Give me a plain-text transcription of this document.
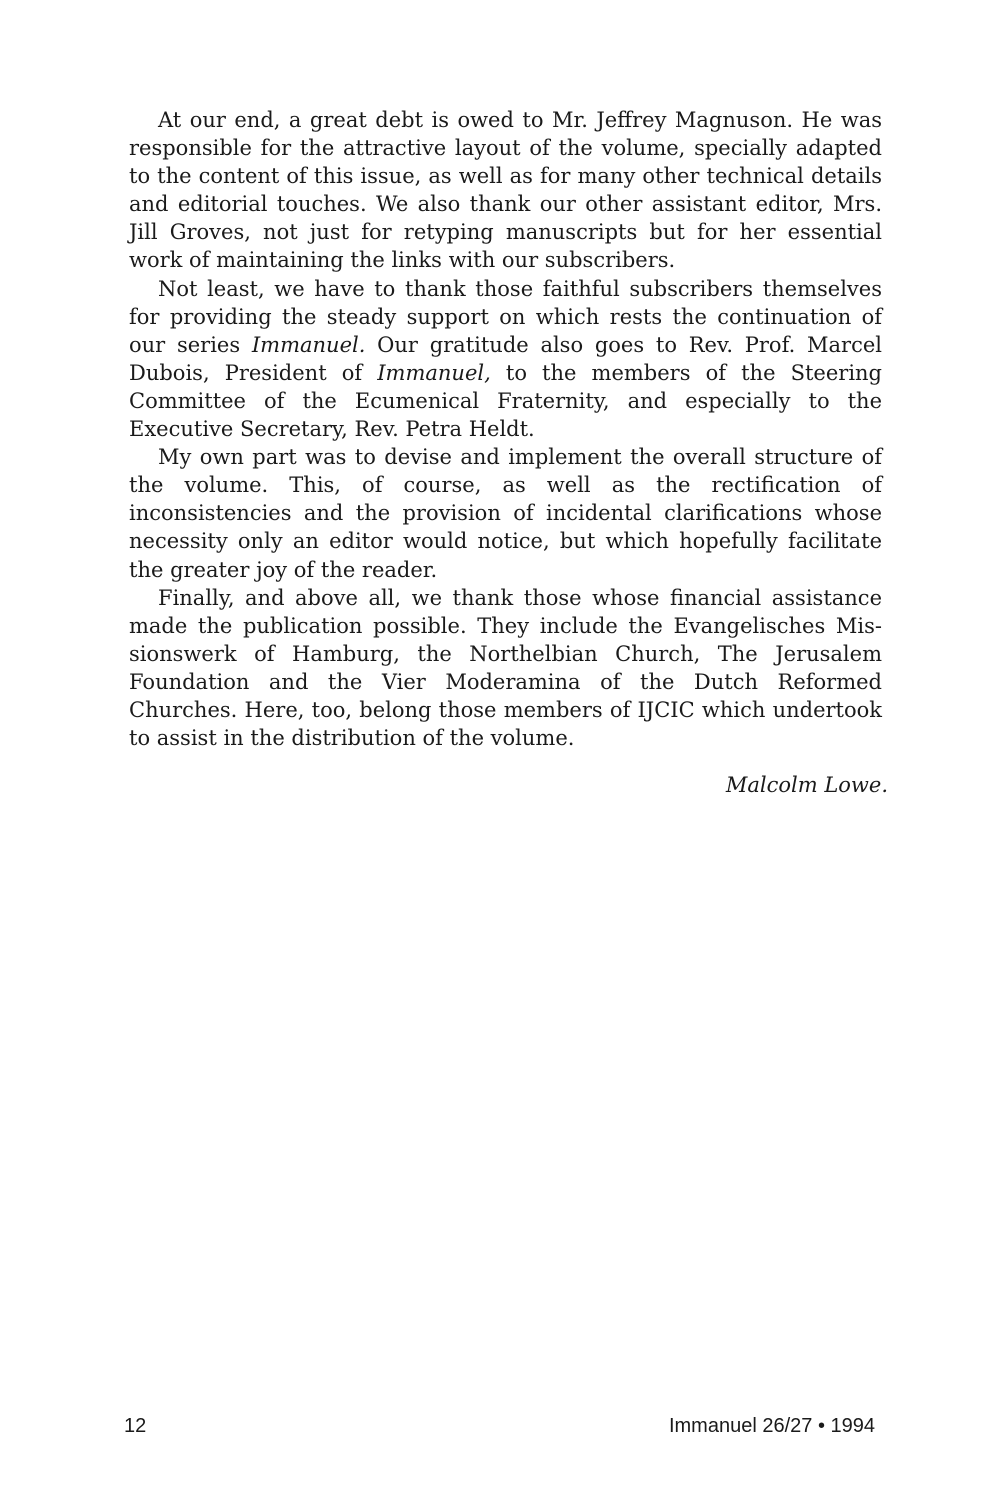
At our end, a great debt is owed to Mr. Jeffrey Magnuson. He was responsible for the attractive layout of the volume, specially adapted to the content of this issue, as well as for many other technical details and editorial touches. We also thank our other assistant editor, Mrs. Jill Groves, not just for retyping manuscripts but for her essential work of maintaining the links with our subscribers.

Not least, we have to thank those faithful subscribers themselves for providing the steady support on which rests the continuation of our series Immanuel. Our gratitude also goes to Rev. Prof. Marcel Dubois, President of Immanuel, to the members of the Steering Committee of the Ecumenical Fraternity, and especially to the Executive Secretary, Rev. Petra Heldt.

My own part was to devise and implement the overall structure of the volume. This, of course, as well as the rectification of inconsistencies and the provision of incidental clarifications whose necessity only an editor would notice, but which hopefully facilitate the greater joy of the reader.

Finally, and above all, we thank those whose financial assistance made the publication possible. They include the Evangelisches Missionswerk of Hamburg, the Northelbian Church, The Jerusalem Foundation and the Vier Moderamina of the Dutch Reformed Churches. Here, too, belong those members of IJCIC which undertook to assist in the distribution of the volume.

Malcolm Lowe.
12	Immanuel 26/27 • 1994
